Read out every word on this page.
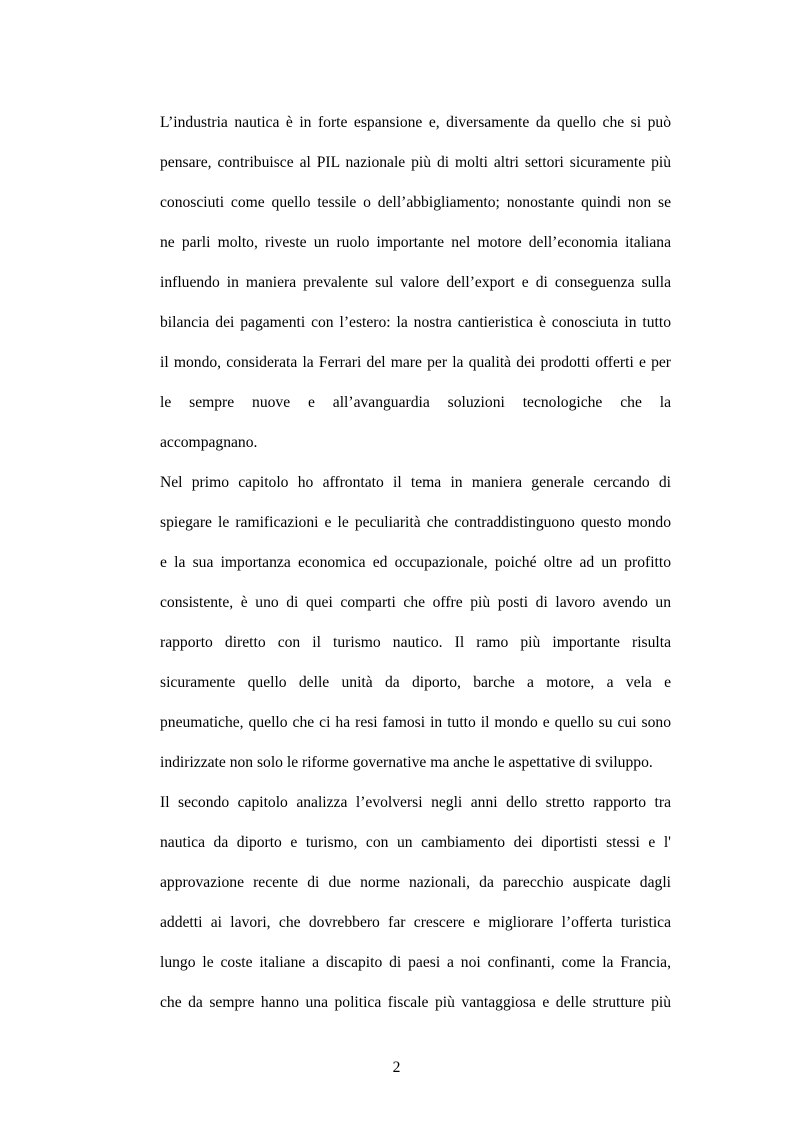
L’industria nautica è in forte espansione e, diversamente da quello che si può
pensare, contribuisce al PIL nazionale più di molti altri settori sicuramente più
conosciuti come quello tessile o dell’abbigliamento; nonostante quindi non se
ne parli molto, riveste un ruolo importante nel motore dell’economia italiana
influendo in maniera prevalente sul valore dell’export e di conseguenza sulla
bilancia dei pagamenti con l’estero: la nostra cantieristica è conosciuta in tutto
il mondo, considerata la Ferrari del mare per la qualità dei prodotti offerti e per
le sempre nuove e all’avanguardia soluzioni tecnologiche che la
accompagnano.
Nel primo capitolo ho affrontato il tema in maniera generale cercando di
spiegare le ramificazioni e le peculiarità che contraddistinguono questo mondo
e la sua importanza economica ed occupazionale, poiché oltre ad un profitto
consistente, è uno di quei comparti che offre più posti di lavoro avendo un
rapporto diretto con il turismo nautico. Il ramo più importante risulta
sicuramente quello delle unità da diporto, barche a motore, a vela e
pneumatiche, quello che ci ha resi famosi in tutto il mondo e quello su cui sono
indirizzate non solo le riforme governative ma anche le aspettative di sviluppo.
Il secondo capitolo analizza l’evolversi negli anni dello stretto rapporto tra
nautica da diporto e turismo, con un cambiamento dei diportisti stessi e l'
approvazione recente di due norme nazionali, da parecchio auspicate dagli
addetti ai lavori, che dovrebbero far crescere e migliorare l’offerta turistica
lungo le coste italiane a discapito di paesi a noi confinanti, come la Francia,
che da sempre hanno una politica fiscale più vantaggiosa e delle strutture più
2
